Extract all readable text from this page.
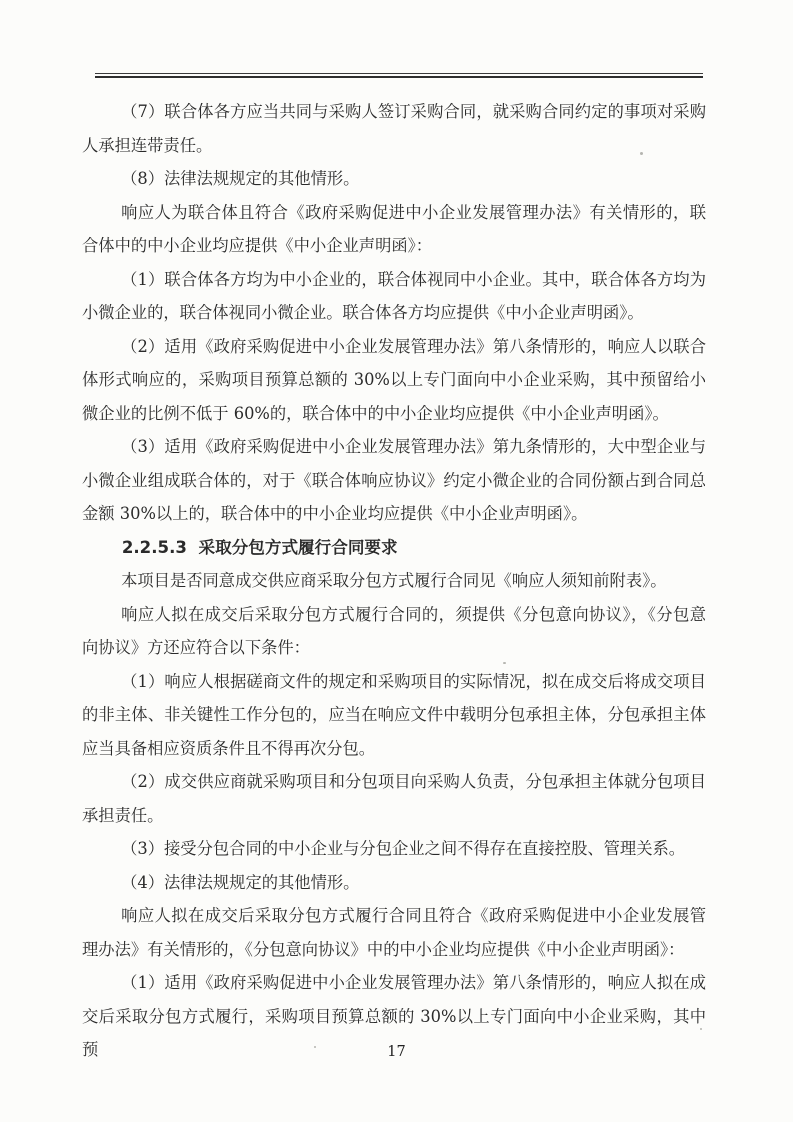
（7）联合体各方应当共同与采购人签订采购合同，就采购合同约定的事项对采购人承担连带责任。

（8）法律法规规定的其他情形。

响应人为联合体且符合《政府采购促进中小企业发展管理办法》有关情形的，联合体中的中小企业均应提供《中小企业声明函》：

（1）联合体各方均为中小企业的，联合体视同中小企业。其中，联合体各方均为小微企业的，联合体视同小微企业。联合体各方均应提供《中小企业声明函》。

（2）适用《政府采购促进中小企业发展管理办法》第八条情形的，响应人以联合体形式响应的，采购项目预算总额的 30%以上专门面向中小企业采购，其中预留给小微企业的比例不低于 60%的，联合体中的中小企业均应提供《中小企业声明函》。

（3）适用《政府采购促进中小企业发展管理办法》第九条情形的，大中型企业与小微企业组成联合体的，对于《联合体响应协议》约定小微企业的合同份额占到合同总金额 30%以上的，联合体中的中小企业均应提供《中小企业声明函》。

2.2.5.3  采取分包方式履行合同要求

本项目是否同意成交供应商采取分包方式履行合同见《响应人须知前附表》。

响应人拟在成交后采取分包方式履行合同的，须提供《分包意向协议》，《分包意向协议》方还应符合以下条件：

（1）响应人根据磋商文件的规定和采购项目的实际情况，拟在成交后将成交项目的非主体、非关键性工作分包的，应当在响应文件中载明分包承担主体，分包承担主体应当具备相应资质条件且不得再次分包。

（2）成交供应商就采购项目和分包项目向采购人负责，分包承担主体就分包项目承担责任。

（3）接受分包合同的中小企业与分包企业之间不得存在直接控股、管理关系。

（4）法律法规规定的其他情形。

响应人拟在成交后采取分包方式履行合同且符合《政府采购促进中小企业发展管理办法》有关情形的，《分包意向协议》中的中小企业均应提供《中小企业声明函》：

（1）适用《政府采购促进中小企业发展管理办法》第八条情形的，响应人拟在成交后采取分包方式履行，采购项目预算总额的 30%以上专门面向中小企业采购，其中预	17
